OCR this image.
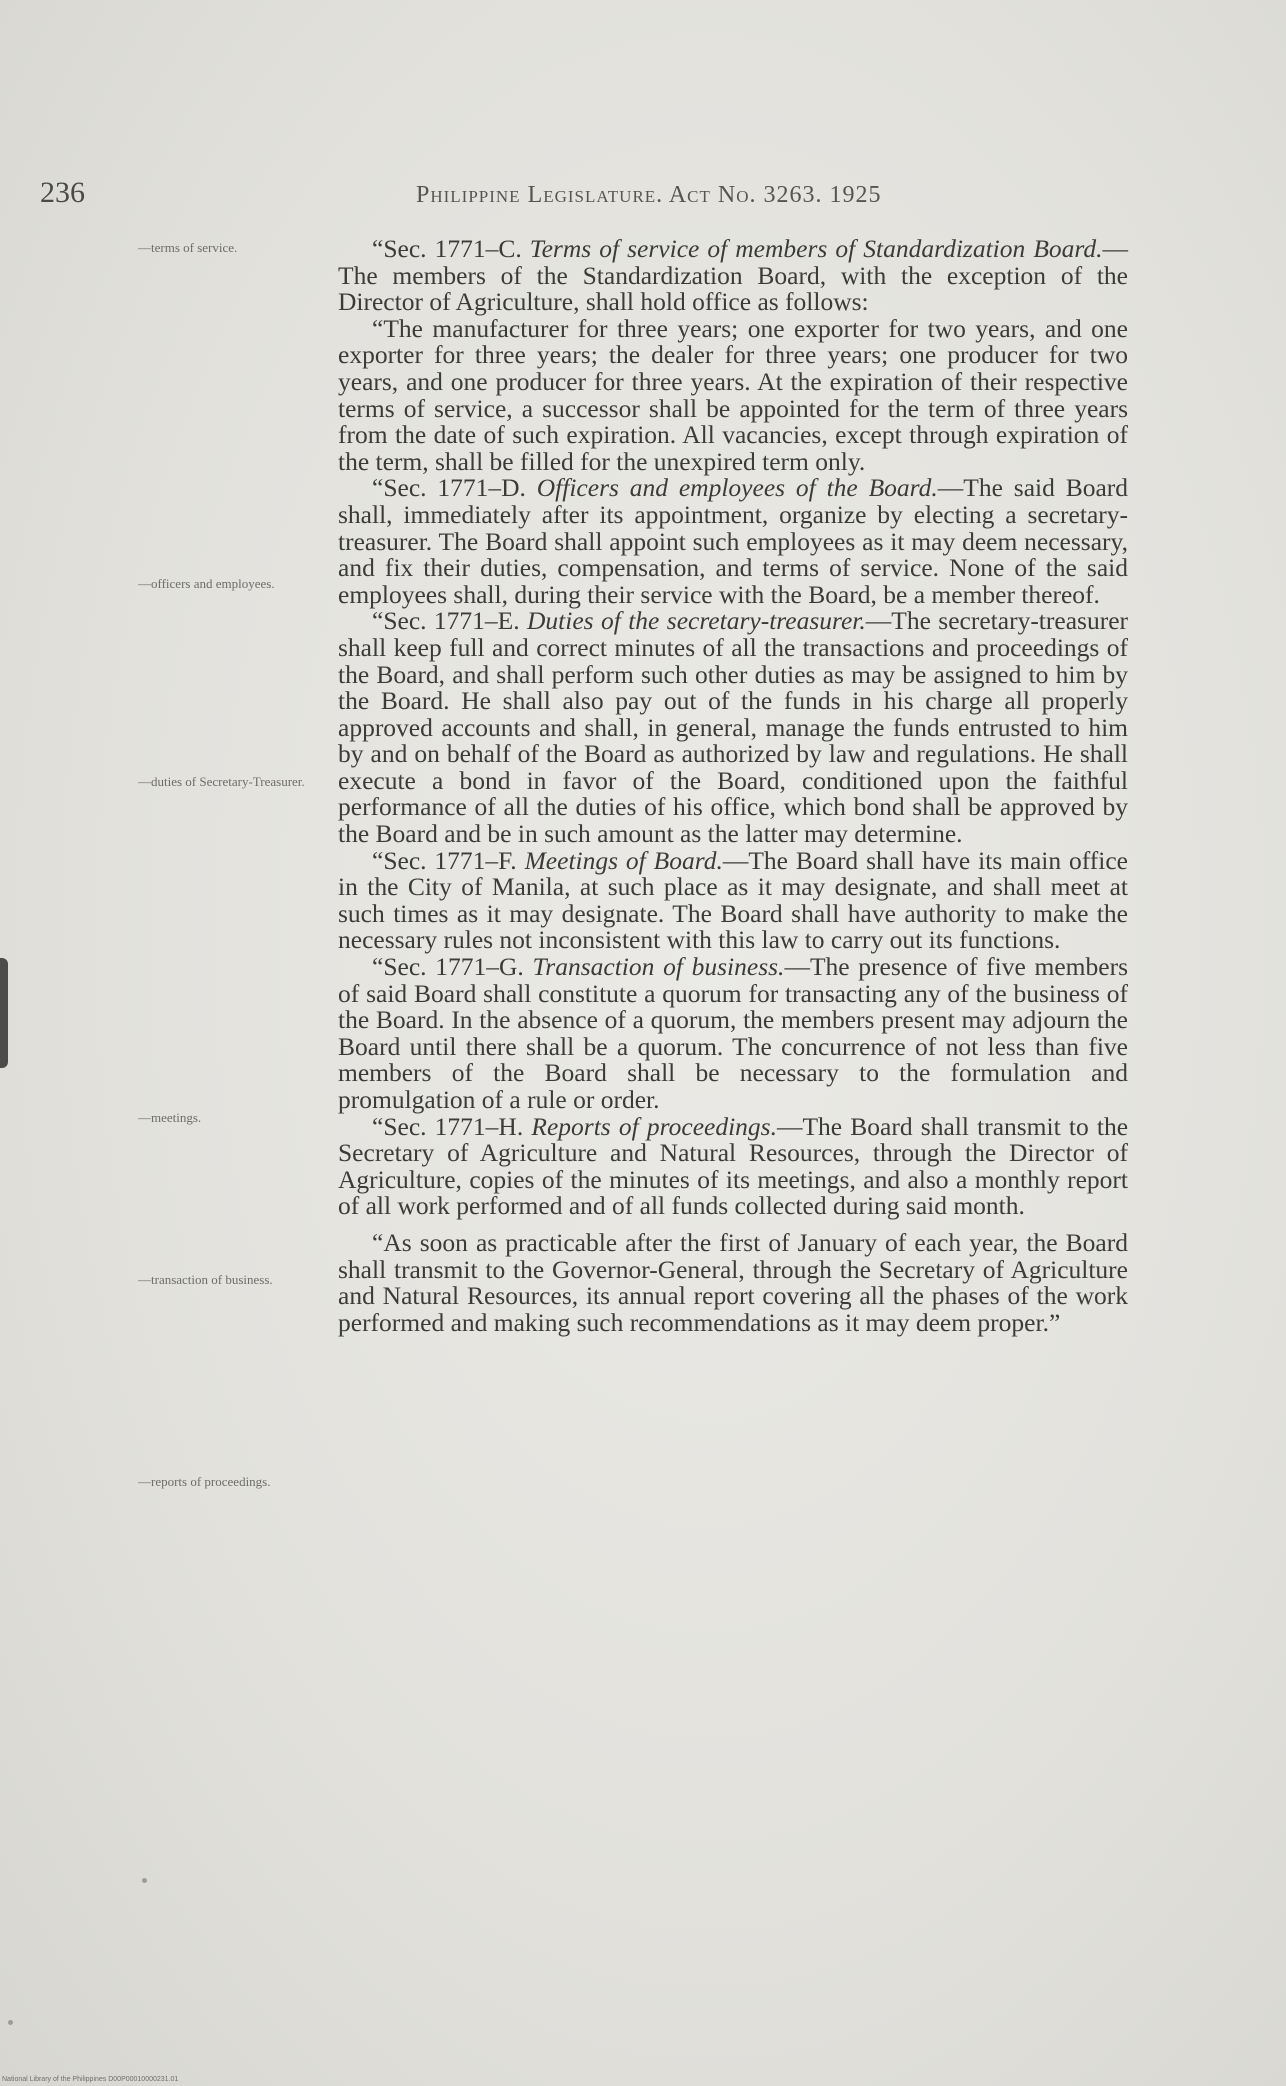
236	Philippine Legislature. Act No. 3263. 1925
—terms of service.
—officers and employees.
—duties of Secretary-Treasurer.
—meetings.
—transaction of business.
—reports of proceedings.

“Sec. 1771–C. Terms of service of members of Standardization Board.—The members of the Standardization Board, with the exception of the Director of Agriculture, shall hold office as follows:

“The manufacturer for three years; one exporter for two years, and one exporter for three years; the dealer for three years; one producer for two years, and one producer for three years. At the expiration of their respective terms of service, a successor shall be appointed for the term of three years from the date of such expiration. All vacancies, except through expiration of the term, shall be filled for the unexpired term only.

“Sec. 1771–D. Officers and employees of the Board.—The said Board shall, immediately after its appointment, organize by electing a secretary-treasurer. The Board shall appoint such employees as it may deem necessary, and fix their duties, compensation, and terms of service. None of the said employees shall, during their service with the Board, be a member thereof.

“Sec. 1771–E. Duties of the secretary-treasurer.—The secretary-treasurer shall keep full and correct minutes of all the transactions and proceedings of the Board, and shall perform such other duties as may be assigned to him by the Board. He shall also pay out of the funds in his charge all properly approved accounts and shall, in general, manage the funds entrusted to him by and on behalf of the Board as authorized by law and regulations. He shall execute a bond in favor of the Board, conditioned upon the faithful performance of all the duties of his office, which bond shall be approved by the Board and be in such amount as the latter may determine.

“Sec. 1771–F. Meetings of Board.—The Board shall have its main office in the City of Manila, at such place as it may designate, and shall meet at such times as it may designate. The Board shall have authority to make the necessary rules not inconsistent with this law to carry out its functions.

“Sec. 1771–G. Transaction of business.—The presence of five members of said Board shall constitute a quorum for transacting any of the business of the Board. In the absence of a quorum, the members present may adjourn the Board until there shall be a quorum. The concurrence of not less than five members of the Board shall be necessary to the formulation and promulgation of a rule or order.

“Sec. 1771–H. Reports of proceedings.—The Board shall transmit to the Secretary of Agriculture and Natural Resources, through the Director of Agriculture, copies of the minutes of its meetings, and also a monthly report of all work performed and of all funds collected during said month.

“As soon as practicable after the first of January of each year, the Board shall transmit to the Governor-General, through the Secretary of Agriculture and Natural Resources, its annual report covering all the phases of the work performed and making such recommendations as it may deem proper.”

National Library of the Philippines D00P00010000231.01
